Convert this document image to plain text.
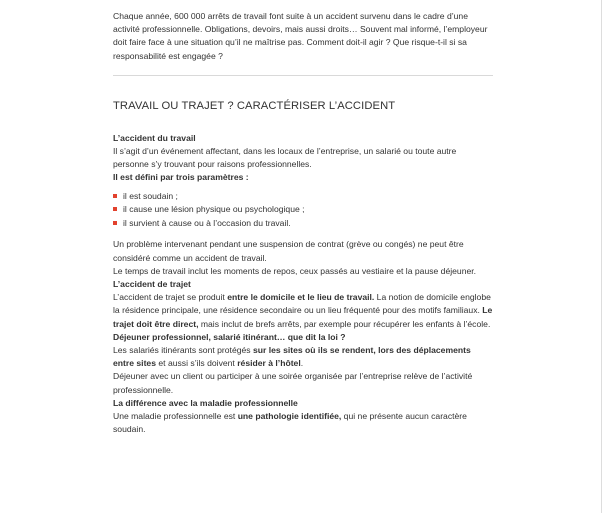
Chaque année, 600 000 arrêts de travail font suite à un accident survenu dans le cadre d’une activité professionnelle. Obligations, devoirs, mais aussi droits… Souvent mal informé, l’employeur doit faire face à une situation qu’il ne maîtrise pas. Comment doit-il agir ? Que risque-t-il si sa responsabilité est engagée ?

TRAVAIL OU TRAJET ? CARACTÉRISER L’ACCIDENT

L’accident du travail

Il s’agit d’un événement affectant, dans les locaux de l’entreprise, un salarié ou toute autre personne s’y trouvant pour raisons professionnelles.

Il est défini par trois paramètres :

il est soudain ;
il cause une lésion physique ou psychologique ;
il survient à cause ou à l’occasion du travail.

Un problème intervenant pendant une suspension de contrat (grève ou congés) ne peut être considéré comme un accident de travail.
Le temps de travail inclut les moments de repos, ceux passés au vestiaire et la pause déjeuner.

L’accident de trajet

L’accident de trajet se produit entre le domicile et le lieu de travail. La notion de domicile englobe la résidence principale, une résidence secondaire ou un lieu fréquenté pour des motifs familiaux. Le trajet doit être direct, mais inclut de brefs arrêts, par exemple pour récupérer les enfants à l’école.

Déjeuner professionnel, salarié itinérant… que dit la loi ?

Les salariés itinérants sont protégés sur les sites où ils se rendent, lors des déplacements entre sites et aussi s’ils doivent résider à l’hôtel.
Déjeuner avec un client ou participer à une soirée organisée par l’entreprise relève de l’activité professionnelle.

La différence avec la maladie professionnelle

Une maladie professionnelle est une pathologie identifiée, qui ne présente aucun caractère soudain.
